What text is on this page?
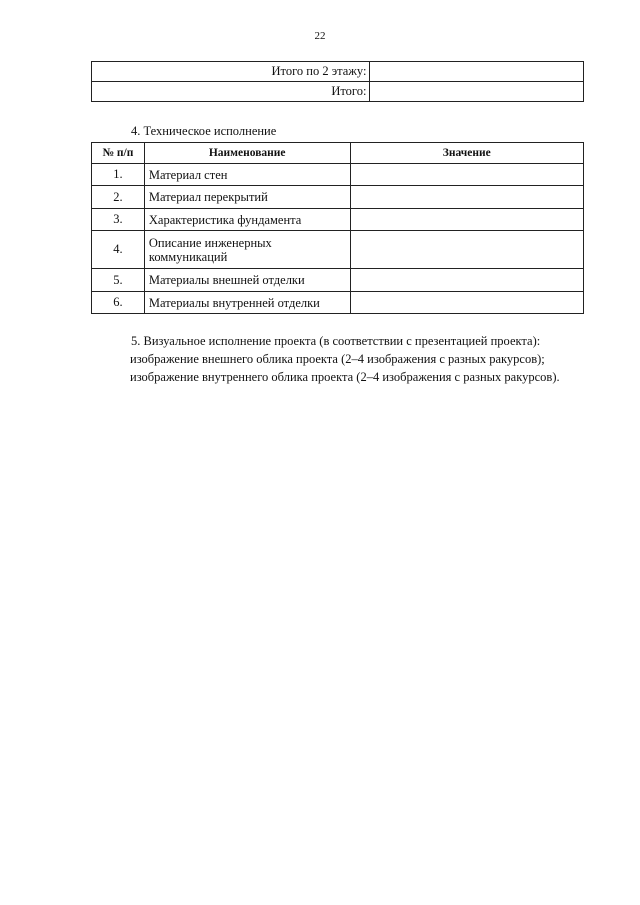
22
Итого по 2 этажу:	
Итого:	
4. Техническое исполнение
№ п/п	Наименование	Значение
1.	Материал стен	
2.	Материал перекрытий	
3.	Характеристика фундамента	
4.	Описание инженерных коммуникаций	
5.	Материалы внешней отделки	
6.	Материалы внутренней отделки	
5. Визуальное исполнение проекта (в соответствии с презентацией проекта):
изображение внешнего облика проекта (2–4 изображения с разных ракурсов);
изображение внутреннего облика проекта (2–4 изображения с разных ракурсов).
